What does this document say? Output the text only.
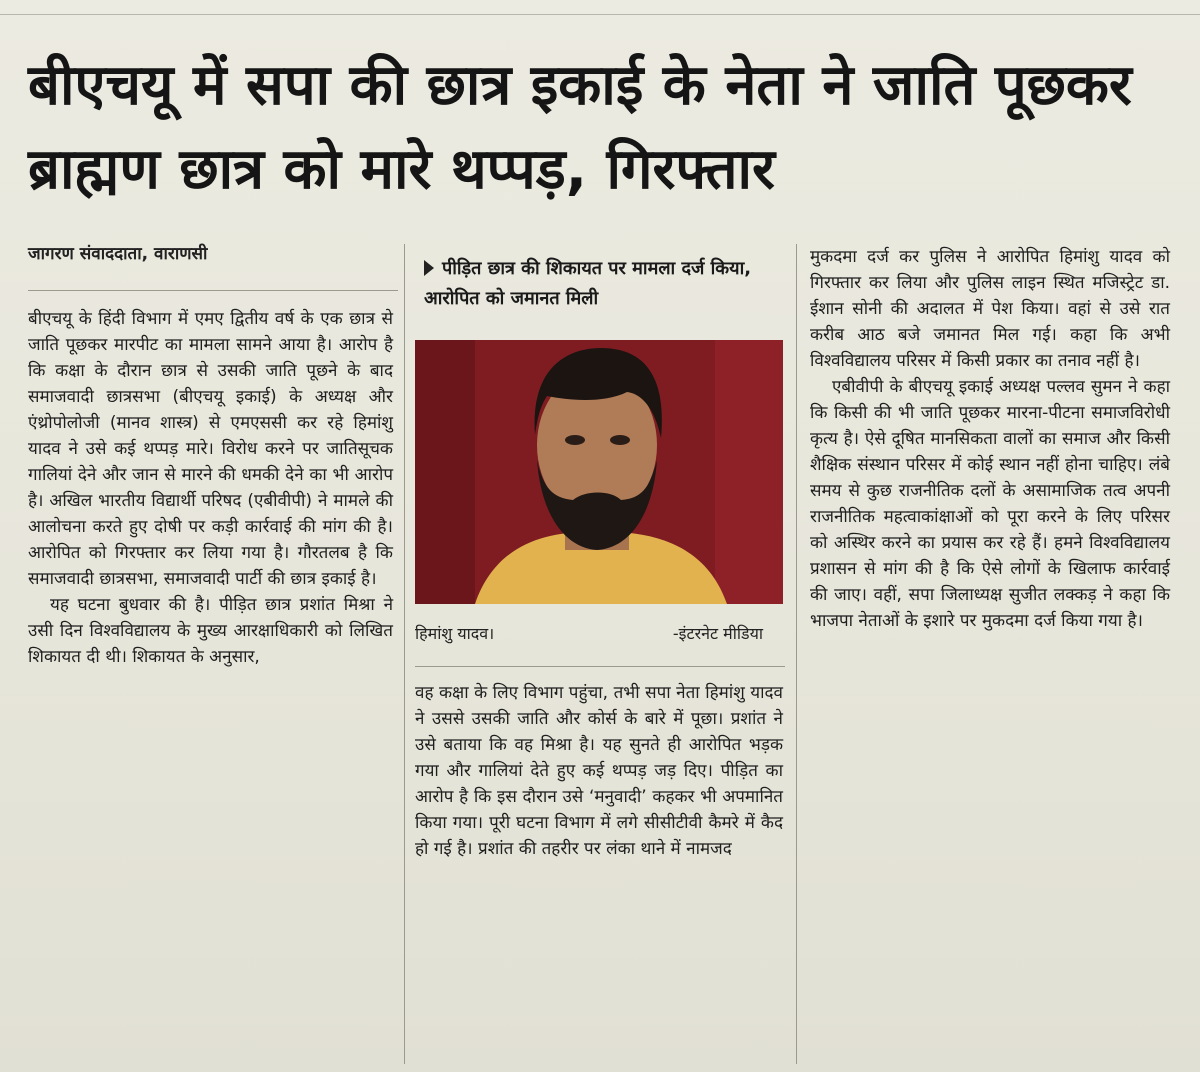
बीएचयू में सपा की छात्र इकाई के नेता ने जाति पूछकर ब्राह्मण छात्र को मारे थप्पड़, गिरफ्तार

जागरण संवाददाता, वाराणसी

बीएचयू के हिंदी विभाग में एमए द्वितीय वर्ष के एक छात्र से जाति पूछकर मारपीट का मामला सामने आया है। आरोप है कि कक्षा के दौरान छात्र से उसकी जाति पूछने के बाद समाजवादी छात्रसभा (बीएचयू इकाई) के अध्यक्ष और एंथ्रोपोलोजी (मानव शास्त्र) से एमएससी कर रहे हिमांशु यादव ने उसे कई थप्पड़ मारे। विरोध करने पर जातिसूचक गालियां देने और जान से मारने की धमकी देने का भी आरोप है। अखिल भारतीय विद्यार्थी परिषद (एबीवीपी) ने मामले की आलोचना करते हुए दोषी पर कड़ी कार्रवाई की मांग की है। आरोपित को गिरफ्तार कर लिया गया है। गौरतलब है कि समाजवादी छात्रसभा, समाजवादी पार्टी की छात्र इकाई है।

यह घटना बुधवार की है। पीड़ित छात्र प्रशांत मिश्रा ने उसी दिन विश्वविद्यालय के मुख्य आरक्षाधिकारी को लिखित शिकायत दी थी। शिकायत के अनुसार,

पीड़ित छात्र की शिकायत पर मामला दर्ज किया, आरोपित को जमानत मिली

हिमांशु यादव।	-इंटरनेट मीडिया

वह कक्षा के लिए विभाग पहुंचा, तभी सपा नेता हिमांशु यादव ने उससे उसकी जाति और कोर्स के बारे में पूछा। प्रशांत ने उसे बताया कि वह मिश्रा है। यह सुनते ही आरोपित भड़क गया और गालियां देते हुए कई थप्पड़ जड़ दिए। पीड़ित का आरोप है कि इस दौरान उसे ‘मनुवादी’ कहकर भी अपमानित किया गया। पूरी घटना विभाग में लगे सीसीटीवी कैमरे में कैद हो गई है। प्रशांत की तहरीर पर लंका थाने में नामजद

मुकदमा दर्ज कर पुलिस ने आरोपित हिमांशु यादव को गिरफ्तार कर लिया और पुलिस लाइन स्थित मजिस्ट्रेट डा. ईशान सोनी की अदालत में पेश किया। वहां से उसे रात करीब आठ बजे जमानत मिल गई। कहा कि अभी विश्वविद्यालय परिसर में किसी प्रकार का तनाव नहीं है।

एबीवीपी के बीएचयू इकाई अध्यक्ष पल्लव सुमन ने कहा कि किसी की भी जाति पूछकर मारना-पीटना समाजविरोधी कृत्य है। ऐसे दूषित मानसिकता वालों का समाज और किसी शैक्षिक संस्थान परिसर में कोई स्थान नहीं होना चाहिए। लंबे समय से कुछ राजनीतिक दलों के असामाजिक तत्व अपनी राजनीतिक महत्वाकांक्षाओं को पूरा करने के लिए परिसर को अस्थिर करने का प्रयास कर रहे हैं। हमने विश्वविद्यालय प्रशासन से मांग की है कि ऐसे लोगों के खिलाफ कार्रवाई की जाए। वहीं, सपा जिलाध्यक्ष सुजीत लक्कड़ ने कहा कि भाजपा नेताओं के इशारे पर मुकदमा दर्ज किया गया है।
